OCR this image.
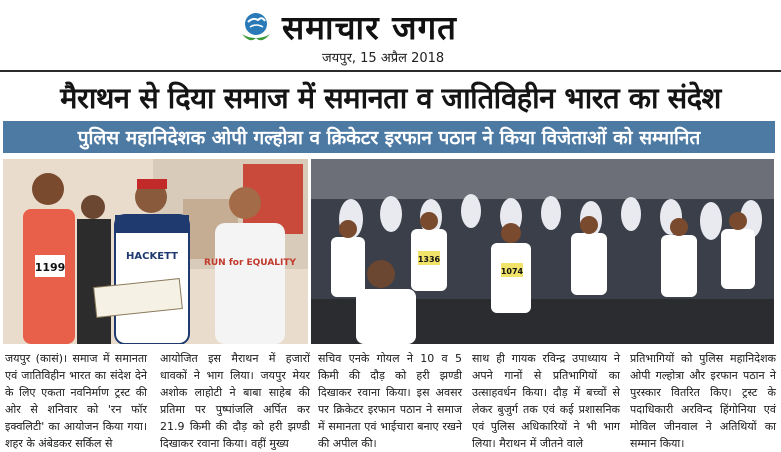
समाचार जगत
जयपुर, 15 अप्रैल 2018
मैराथन से दिया समाज में समानता व जातिविहीन भारत का संदेश
पुलिस महानिदेशक ओपी गल्होत्रा व क्रिकेटर इरफान पठान ने किया विजेताओं को सम्मानित
1199
HACKETT
RUN for EQUALITY
1074
1336
जयपुर (कासं)। समाज में समानता एवं जातिविहीन भारत का संदेश देने के लिए एकता नवनिर्माण ट्रस्ट की ओर से शनिवार को 'रन फॉर इक्वलिटी' का आयोजन किया गया। शहर के अंबेडकर सर्किल से
आयोजित इस मैराथन में हजारों धावकों ने भाग लिया। जयपुर मेयर अशोक लाहोटी ने बाबा साहेब की प्रतिमा पर पुष्पांजलि अर्पित कर 21.9 किमी की दौड़ को हरी झण्डी दिखाकर रवाना किया। वहीं मुख्य
सचिव एनके गोयल ने 10 व 5 किमी की दौड़ को हरी झण्डी दिखाकर रवाना किया। इस अवसर पर क्रिकेटर इरफान पठान ने समाज में समानता एवं भाईचारा बनाए रखने की अपील की।
साथ ही गायक रविन्द्र उपाध्याय ने अपने गानों से प्रतिभागियों का उत्साहवर्धन किया। दौड़ में बच्चों से लेकर बुजुर्ग तक एवं कई प्रशासनिक एवं पुलिस अधिकारियों ने भी भाग लिया। मैराथन में जीतने वाले
प्रतिभागियों को पुलिस महानिदेशक ओपी गल्होत्रा और इरफान पठान ने पुरस्कार वितरित किए। ट्रस्ट के पदाधिकारी अरविन्द हिंगोनिया एवं मोविल जीनवाल ने अतिथियों का सम्मान किया।
